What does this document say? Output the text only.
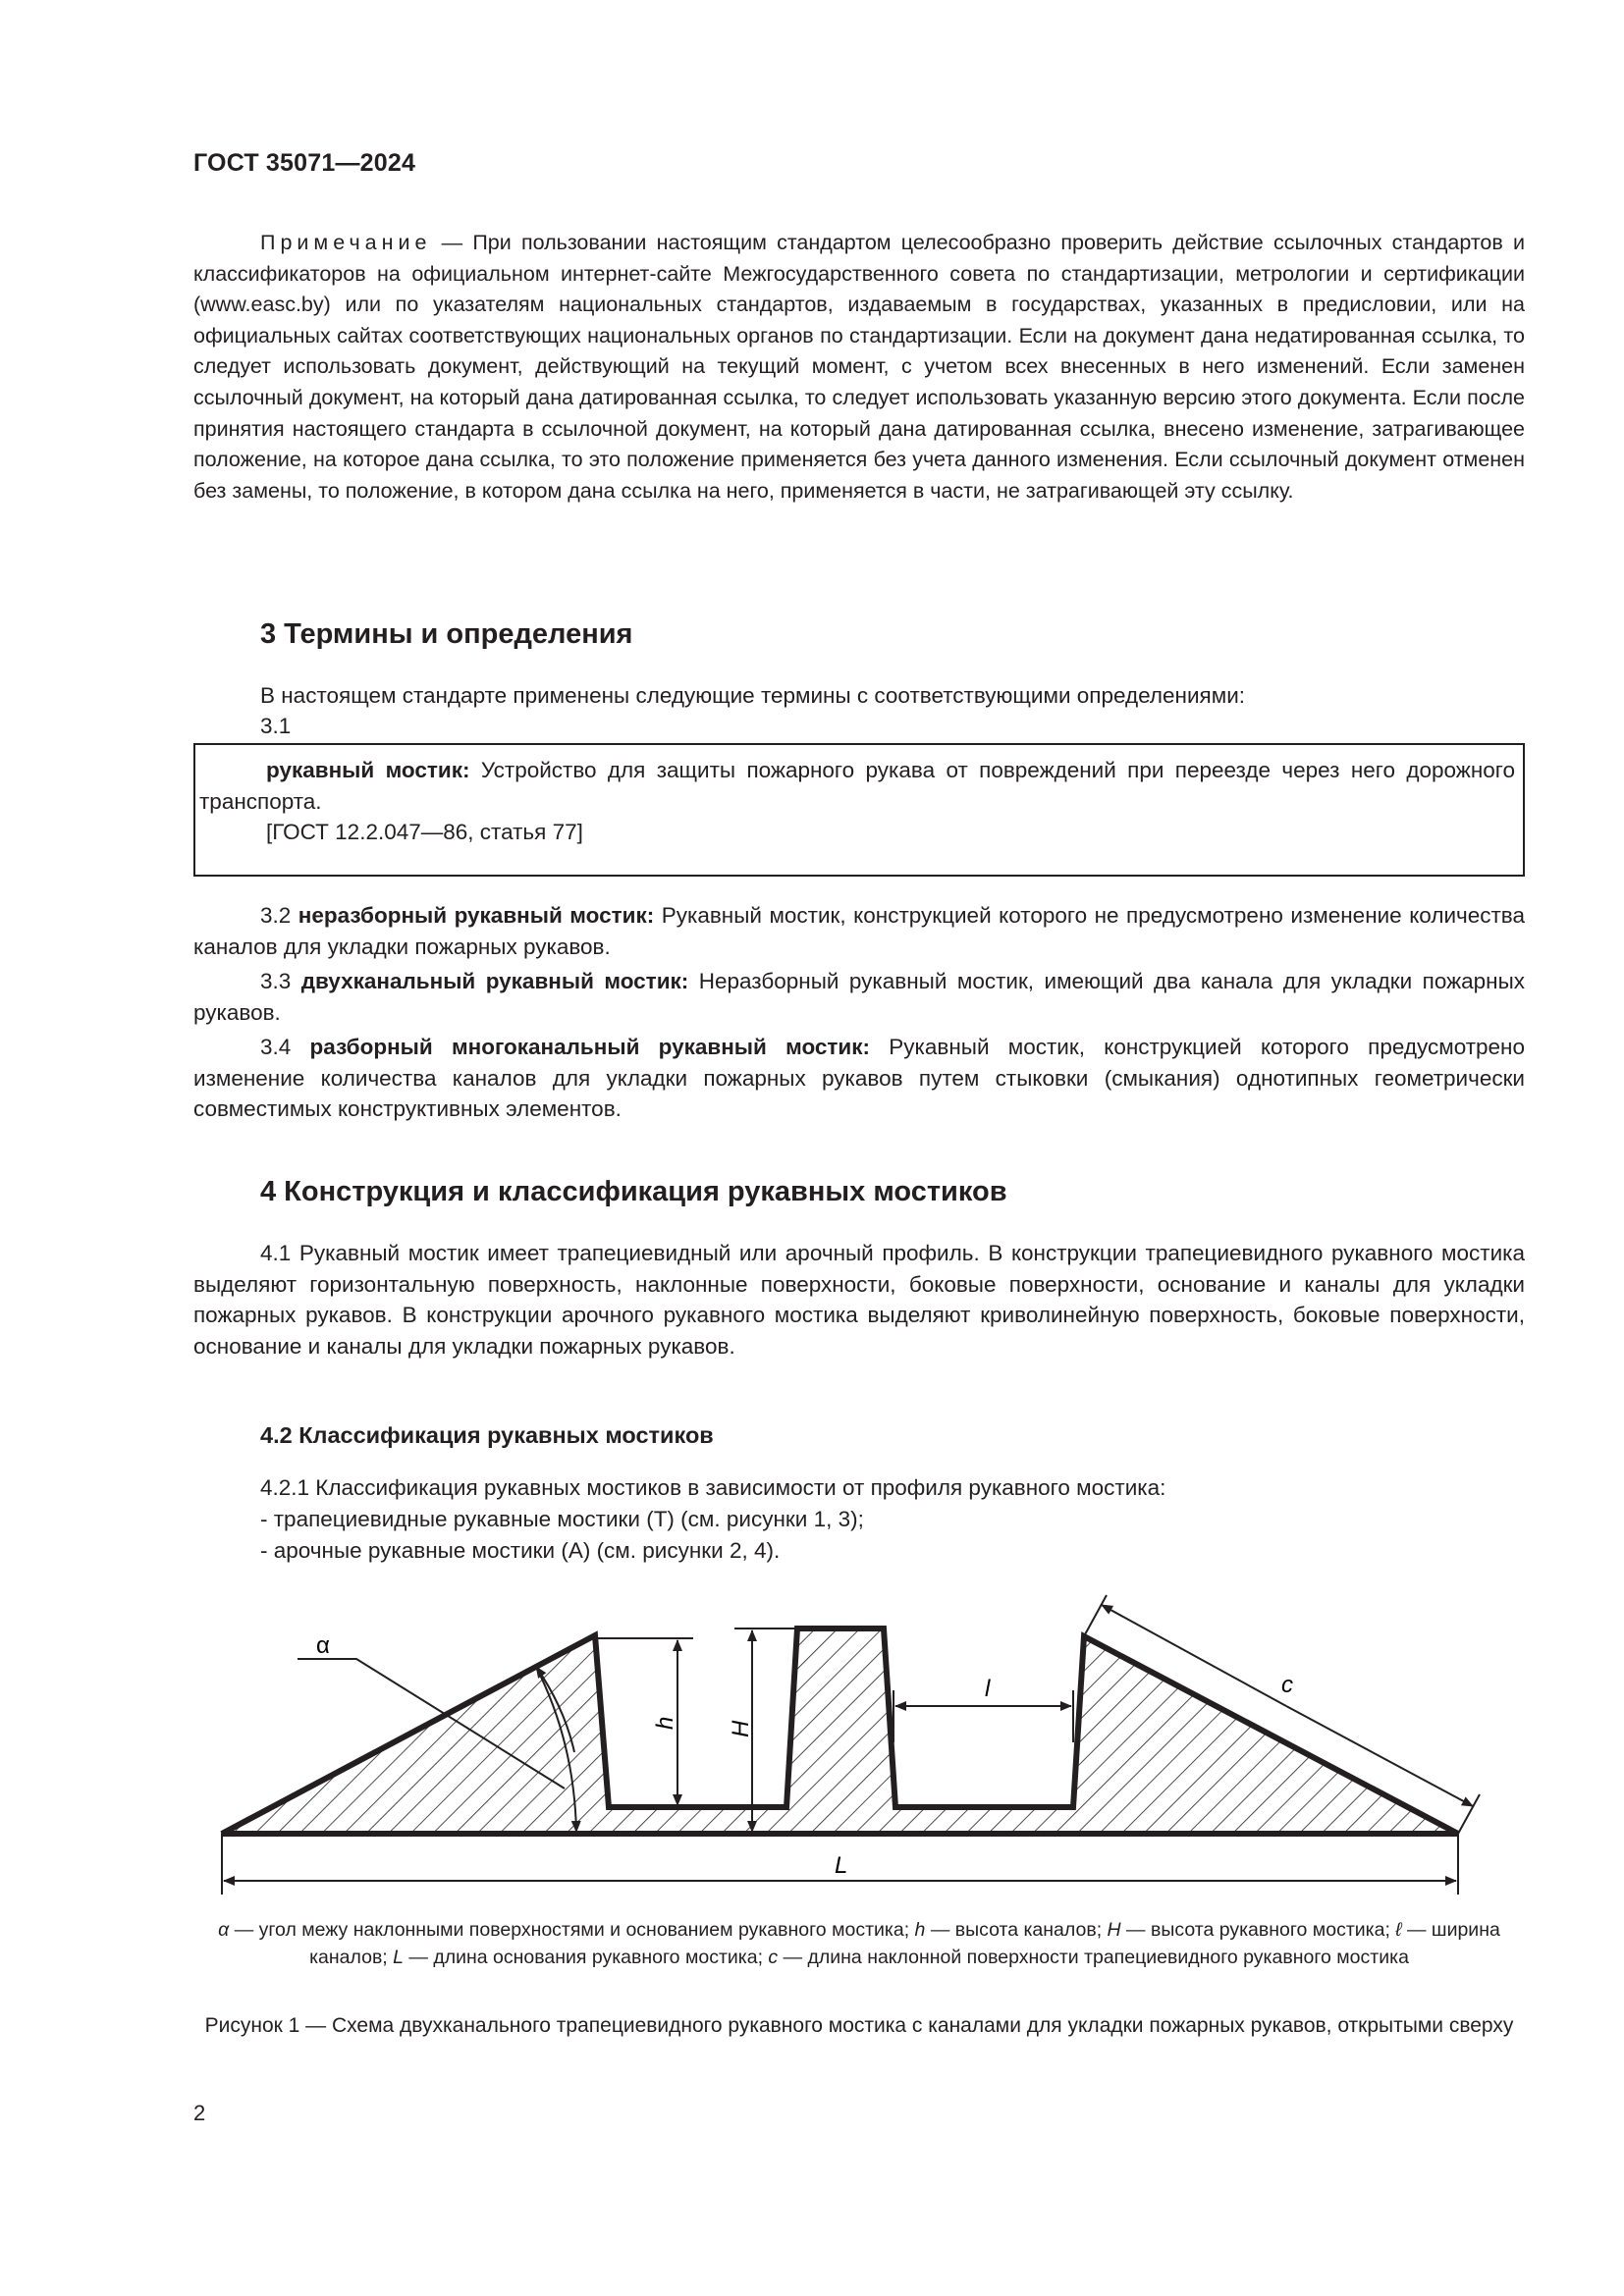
ГОСТ 35071—2024
Примечание — При пользовании настоящим стандартом целесообразно проверить действие ссылочных стандартов и классификаторов на официальном интернет-сайте Межгосударственного совета по стандартизации, метрологии и сертификации (www.easc.by) или по указателям национальных стандартов, издаваемым в государствах, указанных в предисловии, или на официальных сайтах соответствующих национальных органов по стандартизации. Если на документ дана недатированная ссылка, то следует использовать документ, действующий на текущий момент, с учетом всех внесенных в него изменений. Если заменен ссылочный документ, на который дана датированная ссылка, то следует использовать указанную версию этого документа. Если после принятия настоящего стандарта в ссылочной документ, на который дана датированная ссылка, внесено изменение, затрагивающее положение, на которое дана ссылка, то это положение применяется без учета данного изменения. Если ссылочный документ отменен без замены, то положение, в котором дана ссылка на него, применяется в части, не затрагивающей эту ссылку.
3 Термины и определения
В настоящем стандарте применены следующие термины с соответствующими определениями:
3.1
рукавный мостик: Устройство для защиты пожарного рукава от повреждений при переезде через него дорожного транспорта.
[ГОСТ 12.2.047—86, статья 77]
3.2 неразборный рукавный мостик: Рукавный мостик, конструкцией которого не предусмотрено изменение количества каналов для укладки пожарных рукавов.
3.3 двухканальный рукавный мостик: Неразборный рукавный мостик, имеющий два канала для укладки пожарных рукавов.
3.4 разборный многоканальный рукавный мостик: Рукавный мостик, конструкцией которого предусмотрено изменение количества каналов для укладки пожарных рукавов путем стыковки (смыкания) однотипных геометрически совместимых конструктивных элементов.
4 Конструкция и классификация рукавных мостиков
4.1 Рукавный мостик имеет трапециевидный или арочный профиль. В конструкции трапециевидного рукавного мостика выделяют горизонтальную поверхность, наклонные поверхности, боковые поверхности, основание и каналы для укладки пожарных рукавов. В конструкции арочного рукавного мостика выделяют криволинейную поверхность, боковые поверхности, основание и каналы для укладки пожарных рукавов.
4.2 Классификация рукавных мостиков
4.2.1 Классификация рукавных мостиков в зависимости от профиля рукавного мостика:
- трапециевидные рукавные мостики (Т) (см. рисунки 1, 3);
- арочные рукавные мостики (А) (см. рисунки 2, 4).
α
h H
l	c
L
α — угол межу наклонными поверхностями и основанием рукавного мостика; h — высота каналов; H — высота рукавного мостика; ℓ — ширина каналов; L — длина основания рукавного мостика; c — длина наклонной поверхности трапециевидного рукавного мостика
Рисунок 1 — Схема двухканального трапециевидного рукавного мостика с каналами для укладки пожарных рукавов, открытыми сверху
2
